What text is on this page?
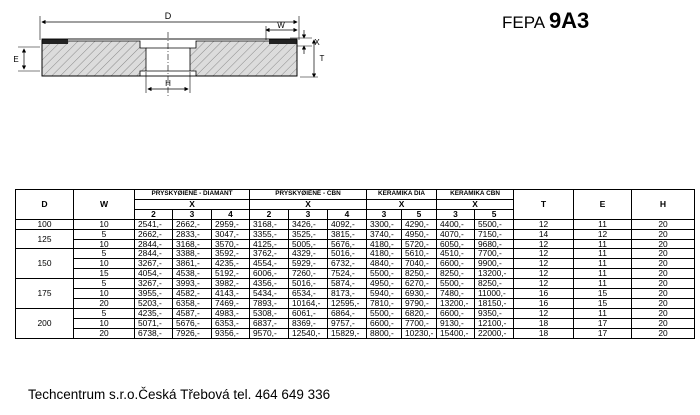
FEPA 9A3
D
W
X
T
E
H
D	W	PRYSKYØIÈNÉ - DIAMANT			PRYSKYØIÈNÉ - CBN			KERAMIKA DIA		KERAMIKA CBN		T	E	H
		X			X			X		X				
		2	3	4	2	3	4	3	5	3	5			
100	10	2541,-	2662,-	2959,-	3168,-	3426,-	4092,-	3300,-	4290,-	4400,-	5500,-	12	11	20
125	5	2662,-	2833,-	3047,-	3355,-	3525,-	3815,-	3740,-	4950,-	4070,-	7150,-	14	12	20
	10	2844,-	3168,-	3570,-	4125,-	5005,-	5676,-	4180,-	5720,-	6050,-	9680,-	12	11	20
150	5	2844,-	3388,-	3592,-	3762,-	4329,-	5016,-	4180,-	5610,-	4510,-	7700,-	12	11	20
	10	3267,-	3861,-	4235,-	4554,-	5929,-	6732,-	4840,-	7040,-	6600,-	9900,-	12	11	20
	15	4054,-	4538,-	5192,-	6006,-	7260,-	7524,-	5500,-	8250,-	8250,-	13200,-	12	11	20
175	5	3267,-	3993,-	3982,-	4356,-	5016,-	5874,-	4950,-	6270,-	5500,-	8250,-	12	11	20
	10	3955,-	4582,-	4143,-	5434,-	6534,-	8173,-	5940,-	6930,-	7480,-	11000,-	16	15	20
	20	5203,-	6358,-	7469,-	7893,-	10164,-	12595,-	7810,-	9790,-	13200,-	18150,-	16	15	20
200	5	4235,-	4587,-	4983,-	5308,-	6061,-	6864,-	5500,-	6820,-	6600,-	9350,-	12	11	20
	10	5071,-	5676,-	6353,-	6837,-	8369,-	9757,-	6600,-	7700,-	9130,-	12100,-	18	17	20
	20	6738,-	7926,-	9356,-	9570,-	12540,-	15829,-	8800,-	10230,-	15400,-	22000,-	18	17	20
Techcentrum s.r.o.Česká Třebová tel. 464 649 336
